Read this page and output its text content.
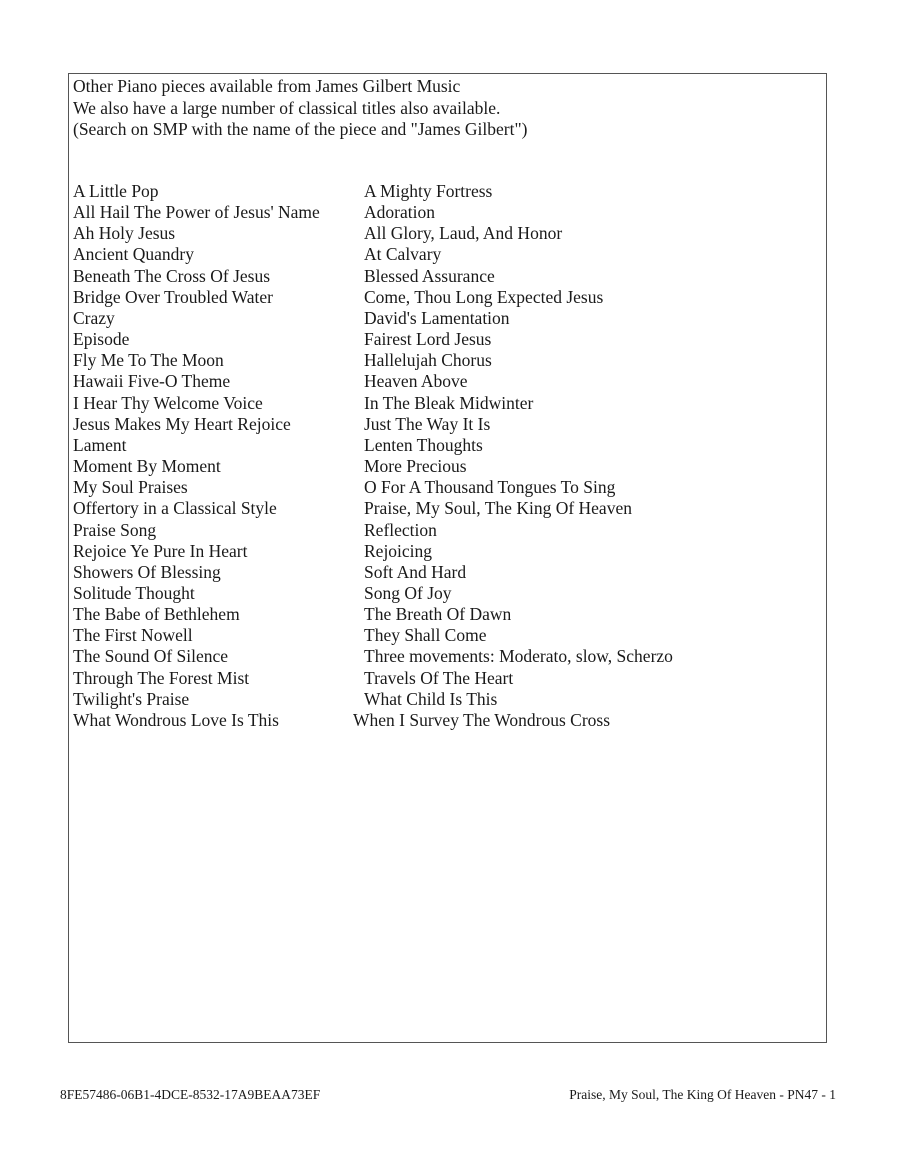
Other Piano pieces available from James Gilbert Music
We also have a large number of classical titles also available.
(Search on SMP with the name of the piece and "James Gilbert")
A Little Pop
All Hail The Power of Jesus' Name
Ah Holy Jesus
Ancient Quandry
Beneath The Cross Of Jesus
Bridge Over Troubled Water
Crazy
Episode
Fly Me To The Moon
Hawaii Five-O Theme
I Hear Thy Welcome Voice
Jesus Makes My Heart Rejoice
Lament
Moment By Moment
My Soul Praises
Offertory in a Classical Style
Praise Song
Rejoice Ye Pure In Heart
Showers Of Blessing
Solitude Thought
The Babe of Bethlehem
The First Nowell
The Sound Of Silence
Through The Forest Mist
Twilight's Praise
What Wondrous Love Is This
A Mighty Fortress
Adoration
All Glory, Laud, And Honor
At Calvary
Blessed Assurance
Come, Thou Long Expected Jesus
David's Lamentation
Fairest Lord Jesus
Hallelujah Chorus
Heaven Above
In The Bleak Midwinter
Just The Way It Is
Lenten Thoughts
More Precious
O For A Thousand Tongues To Sing
Praise, My Soul, The King Of Heaven
Reflection
Rejoicing
Soft And Hard
Song Of Joy
The Breath Of Dawn
They Shall Come
Three movements: Moderato, slow, Scherzo
Travels Of The Heart
What Child Is This
When I Survey The Wondrous Cross
8FE57486-06B1-4DCE-8532-17A9BEAA73EF	Praise, My Soul, The King Of Heaven - PN47 - 1
